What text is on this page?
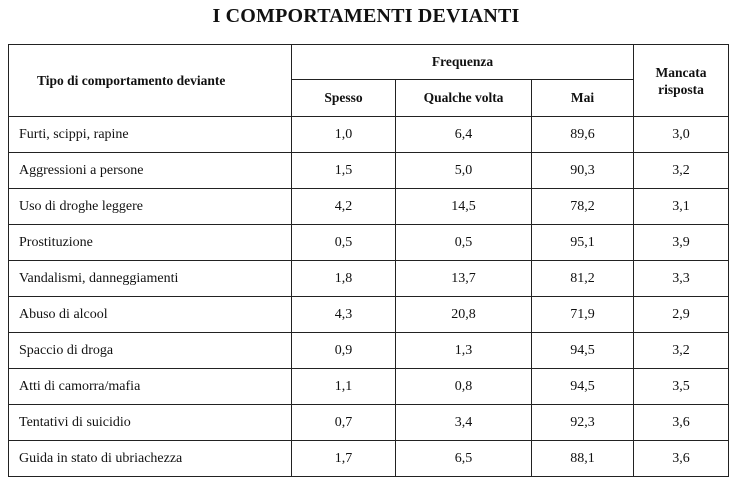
I COMPORTAMENTI DEVIANTI
Tipo di comportamento deviante	Frequenza			Mancata
risposta
	Spesso	Qualche volta	Mai	
Furti, scippi, rapine	1,0	6,4	89,6	3,0
Aggressioni a persone	1,5	5,0	90,3	3,2
Uso di droghe leggere	4,2	14,5	78,2	3,1
Prostituzione	0,5	0,5	95,1	3,9
Vandalismi, danneggiamenti	1,8	13,7	81,2	3,3
Abuso di alcool	4,3	20,8	71,9	2,9
Spaccio di droga	0,9	1,3	94,5	3,2
Atti di camorra/mafia	1,1	0,8	94,5	3,5
Tentativi di suicidio	0,7	3,4	92,3	3,6
Guida in stato di ubriachezza	1,7	6,5	88,1	3,6
